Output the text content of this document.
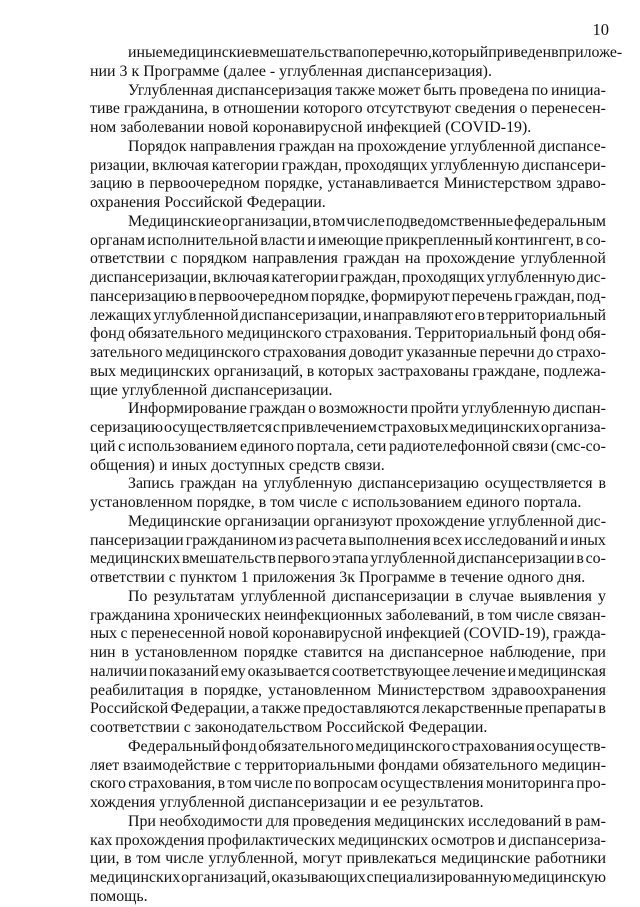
10
иные медицинские вмешательства по перечню, который приведен в приложе-
нии 3 к Программе (далее - углубленная диспансеризация).
Углубленная диспансеризация также может быть проведена по инициа-
тиве гражданина, в отношении которого отсутствуют сведения о перенесен-
ном заболевании новой коронавирусной инфекцией (COVID-19).
Порядок направления граждан на прохождение углубленной диспансе-
ризации, включая категории граждан, проходящих углубленную диспансери-
зацию в первоочередном порядке, устанавливается Министерством здраво-
охранения Российской Федерации.
Медицинские организации, в том числе подведомственные федеральным
органам исполнительной власти и имеющие прикрепленный контингент, в со-
ответствии с порядком направления граждан на прохождение углубленной
диспансеризации, включая категории граждан, проходящих углубленную дис-
пансеризацию в первоочередном порядке, формируют перечень граждан, под-
лежащих углубленной диспансеризации, и направляют его в территориальный
фонд обязательного медицинского страхования. Территориальный фонд обя-
зательного медицинского страхования доводит указанные перечни до страхо-
вых медицинских организаций, в которых застрахованы граждане, подлежа-
щие углубленной диспансеризации.
Информирование граждан о возможности пройти углубленную диспан-
серизацию осуществляется с привлечением страховых медицинских организа-
ций с использованием единого портала, сети радиотелефонной связи (смс-со-
общения) и иных доступных средств связи.
Запись граждан на углубленную диспансеризацию осуществляется в
установленном порядке, в том числе с использованием единого портала.
Медицинские организации организуют прохождение углубленной дис-
пансеризации гражданином из расчета выполнения всех исследований и иных
медицинских вмешательств первого этапа углубленной диспансеризации в со-
ответствии с пунктом 1 приложения 3к Программе в течение одного дня.
По результатам углубленной диспансеризации в случае выявления у
гражданина хронических неинфекционных заболеваний, в том числе связан-
ных с перенесенной новой коронавирусной инфекцией (COVID-19), гражда-
нин в установленном порядке ставится на диспансерное наблюдение, при
наличии показаний ему оказывается соответствующее лечение и медицинская
реабилитация в порядке, установленном Министерством здравоохранения
Российской Федерации, а также предоставляются лекарственные препараты в
соответствии с законодательством Российской Федерации.
Федеральный фонд обязательного медицинского страхования осуществ-
ляет взаимодействие с территориальными фондами обязательного медицин-
ского страхования, в том числе по вопросам осуществления мониторинга про-
хождения углубленной диспансеризации и ее результатов.
При необходимости для проведения медицинских исследований в рам-
ках прохождения профилактических медицинских осмотров и диспансериза-
ции, в том числе углубленной, могут привлекаться медицинские работники
медицинских организаций, оказывающих специализированную медицинскую
помощь.
